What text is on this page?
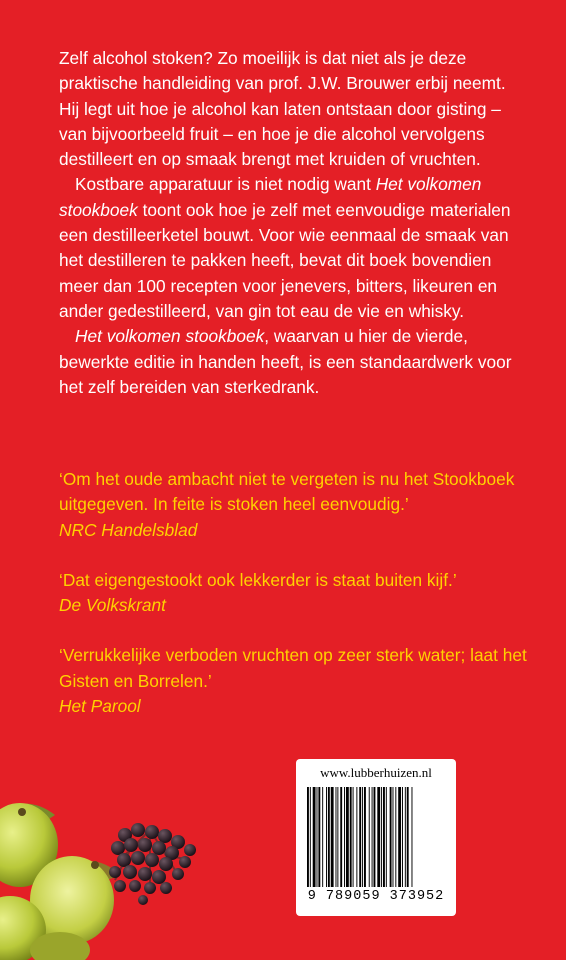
Zelf alcohol stoken? Zo moeilijk is dat niet als je deze praktische handleiding van prof. J.W. Brouwer erbij neemt. Hij legt uit hoe je alcohol kan laten ontstaan door gisting – van bijvoorbeeld fruit – en hoe je die alcohol vervolgens destilleert en op smaak brengt met kruiden of vruchten.

Kostbare apparatuur is niet nodig want Het volkomen stookboek toont ook hoe je zelf met eenvoudige materialen een destilleerketel bouwt. Voor wie eenmaal de smaak van het destilleren te pakken heeft, bevat dit boek bovendien meer dan 100 recepten voor jenevers, bitters, likeuren en ander gedestilleerd, van gin tot eau de vie en whisky.

Het volkomen stookboek, waarvan u hier de vierde, bewerkte editie in handen heeft, is een standaardwerk voor het zelf bereiden van sterkedrank.

‘Om het oude ambacht niet te vergeten is nu het Stookboek uitgegeven. In feite is stoken heel eenvoudig.’

NRC Handelsblad

‘Dat eigengestookt ook lekkerder is staat buiten kijf.’

De Volkskrant

‘Verrukkelijke verboden vruchten op zeer sterk water; laat het Gisten en Borrelen.’

Het Parool

www.lubberhuizen.nl
9 789059 373952
